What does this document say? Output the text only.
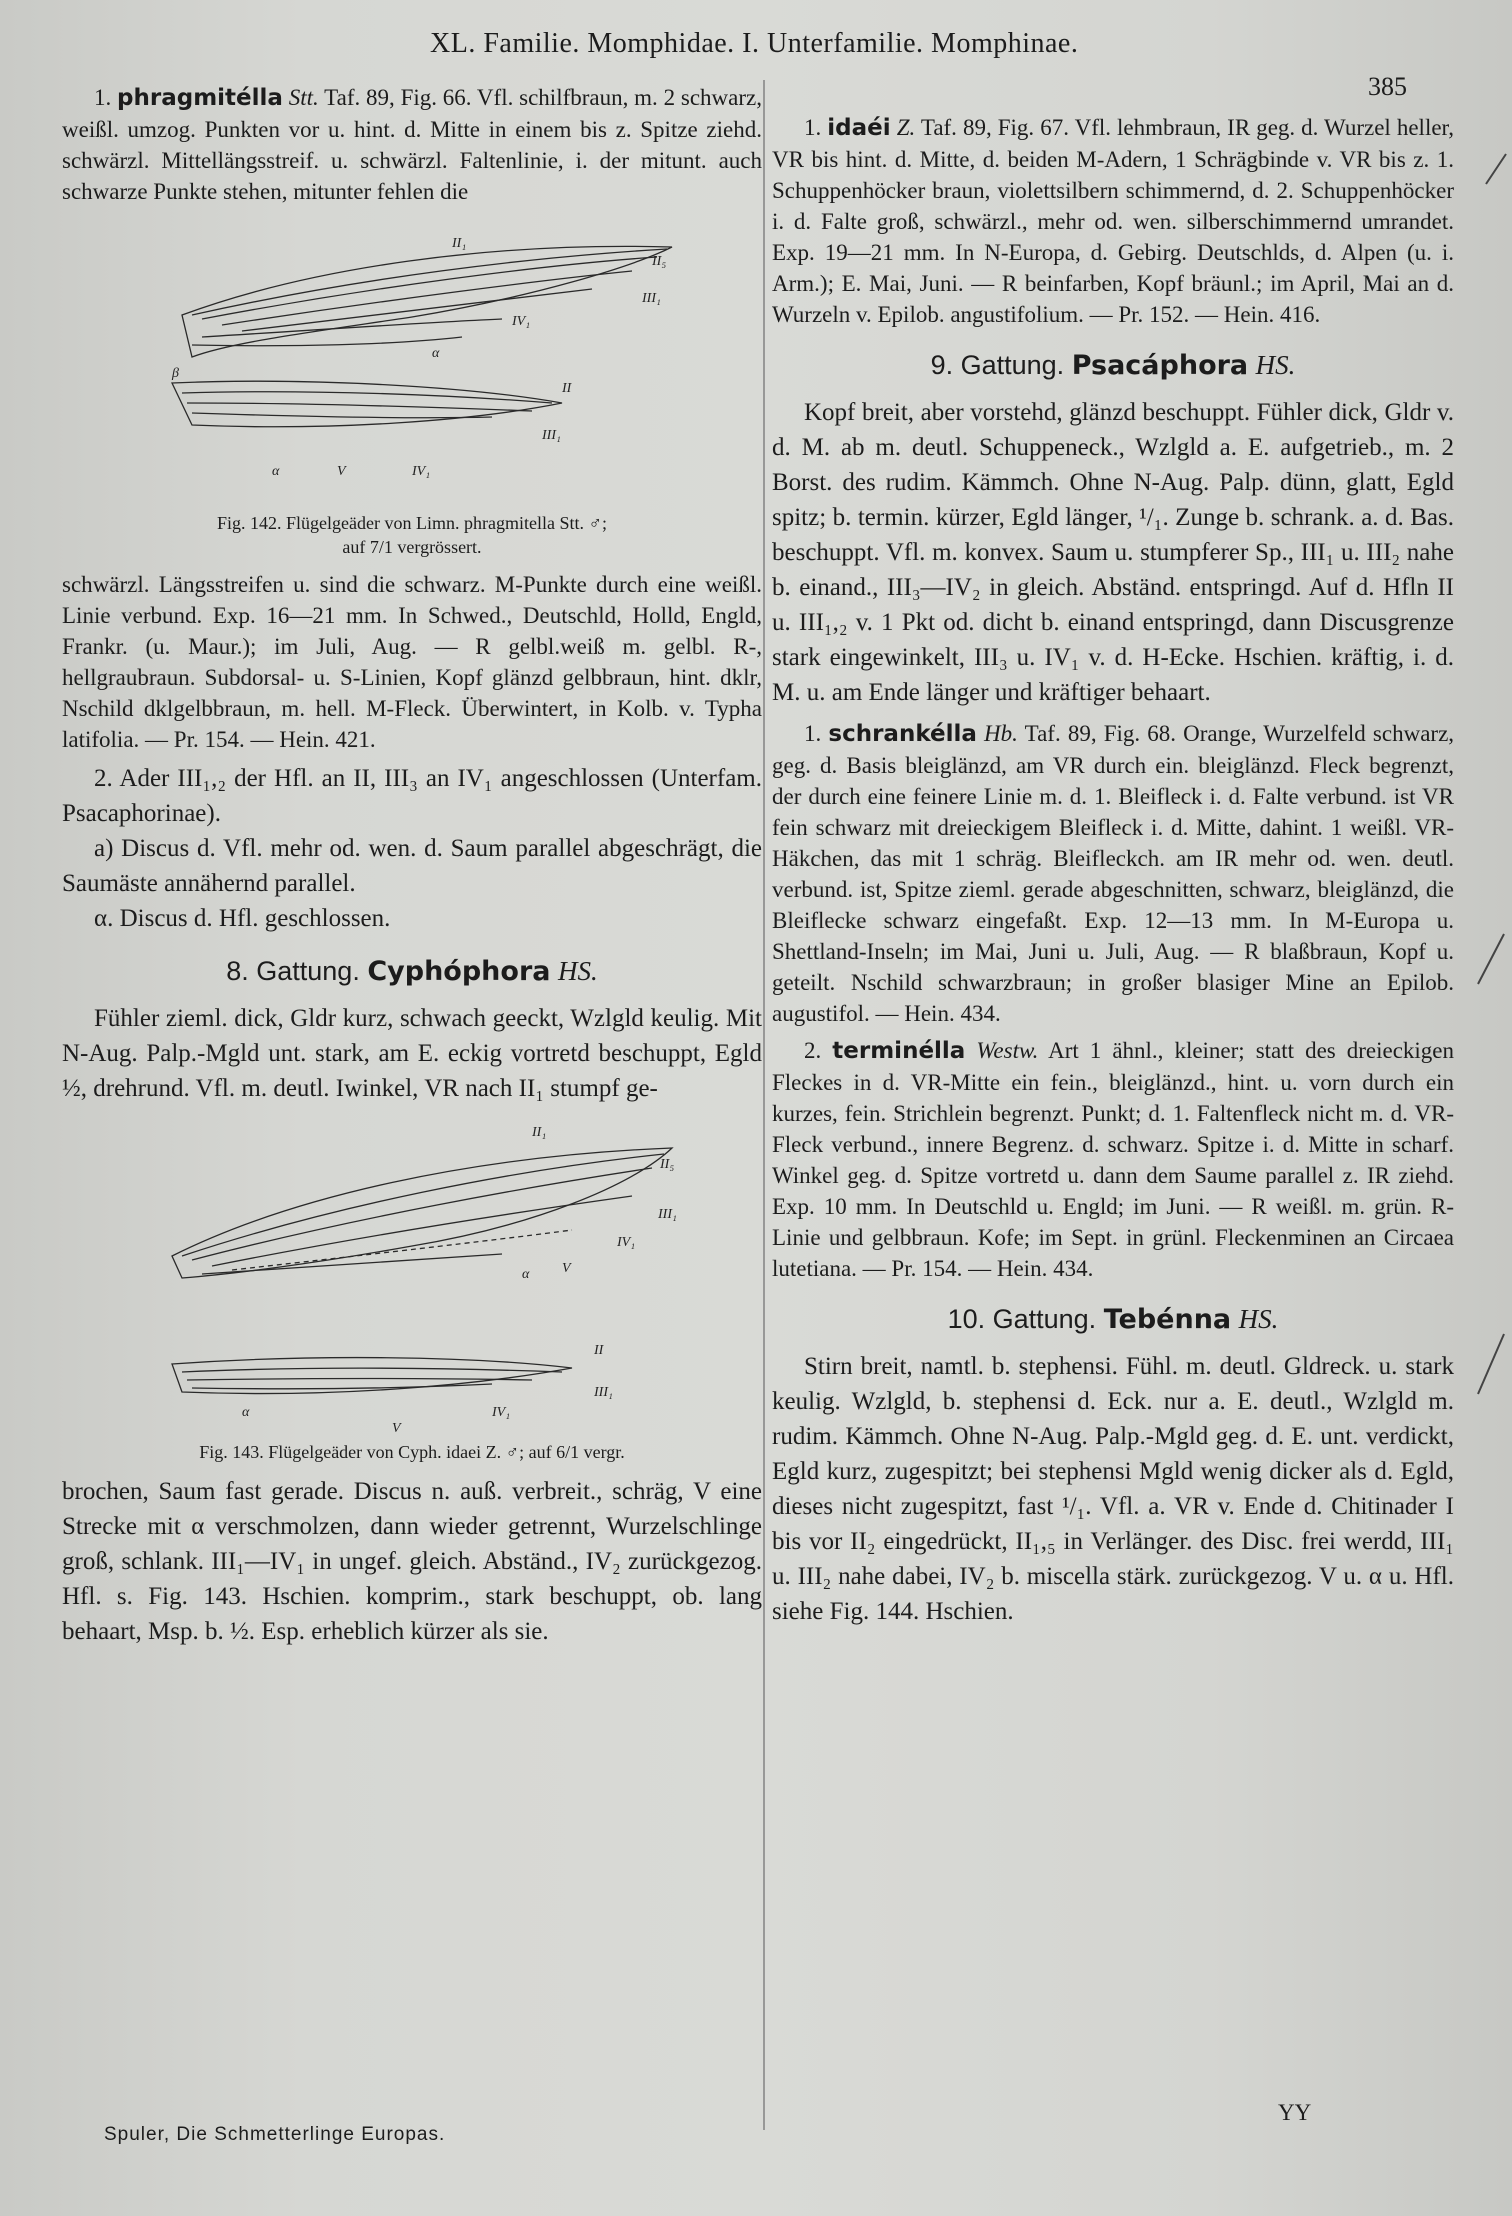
XL. Familie. Momphidae. I. Unterfamilie. Momphinae.
385

1. phragmitélla Stt. Taf. 89, Fig. 66. Vfl. schilfbraun, m. 2 schwarz, weißl. umzog. Punkten vor u. hint. d. Mitte in einem bis z. Spitze ziehd. schwärzl. Mittellängsstreif. u. schwärzl. Faltenlinie, i. der mitunt. auch schwarze Punkte stehen, mitunter fehlen die

II₁
II₅
III₁
IV₁
α
β
II
III₁
α	V	IV₁
Fig. 142. Flügelgeäder von Limn. phragmitella Stt. ♂;
auf 7/1 vergrössert.

schwärzl. Längsstreifen u. sind die schwarz. M-Punkte durch eine weißl. Linie verbund. Exp. 16—21 mm. In Schwed., Deutschld, Holld, Engld, Frankr. (u. Maur.); im Juli, Aug. — R gelbl.weiß m. gelbl. R-, hellgraubraun. Subdorsal- u. S-Linien, Kopf glänzd gelbbraun, hint. dklr, Nschild dklgelbbraun, m. hell. M-Fleck. Überwintert, in Kolb. v. Typha latifolia. — Pr. 154. — Hein. 421.

2. Ader III₁,₂ der Hfl. an II, III₃ an IV₁ angeschlossen (Unterfam. Psacaphorinae).

a) Discus d. Vfl. mehr od. wen. d. Saum parallel abgeschrägt, die Saumäste annähernd parallel.

α. Discus d. Hfl. geschlossen.

8. Gattung. Cyphóphora HS.

Fühler zieml. dick, Gldr kurz, schwach geeckt, Wzlgld keulig. Mit N-Aug. Palp.-Mgld unt. stark, am E. eckig vortretd beschuppt, Egld ½, drehrund. Vfl. m. deutl. Iwinkel, VR nach II₁ stumpf ge-

II₁
II₅
III₁
IV₁
α V
II
III₁
α	IV₁
V
Fig. 143. Flügelgeäder von Cyph. idaei Z. ♂; auf 6/1 vergr.

brochen, Saum fast gerade. Discus n. auß. verbreit., schräg, V eine Strecke mit α verschmolzen, dann wieder getrennt, Wurzelschlinge groß, schlank. III₁—IV₁ in ungef. gleich. Abständ., IV₂ zurückgezog. Hfl. s. Fig. 143. Hschien. komprim., stark beschuppt, ob. lang behaart, Msp. b. ½. Esp. erheblich kürzer als sie.

1. idaéi Z. Taf. 89, Fig. 67. Vfl. lehmbraun, IR geg. d. Wurzel heller, VR bis hint. d. Mitte, d. beiden M-Adern, 1 Schrägbinde v. VR bis z. 1. Schuppenhöcker braun, violettsilbern schimmernd, d. 2. Schuppenhöcker i. d. Falte groß, schwärzl., mehr od. wen. silberschimmernd umrandet. Exp. 19—21 mm. In N-Europa, d. Gebirg. Deutschlds, d. Alpen (u. i. Arm.); E. Mai, Juni. — R beinfarben, Kopf bräunl.; im April, Mai an d. Wurzeln v. Epilob. angustifolium. — Pr. 152. — Hein. 416.

9. Gattung. Psacáphora HS.

Kopf breit, aber vorstehd, glänzd beschuppt. Fühler dick, Gldr v. d. M. ab m. deutl. Schuppeneck., Wzlgld a. E. aufgetrieb., m. 2 Borst. des rudim. Kämmch. Ohne N-Aug. Palp. dünn, glatt, Egld spitz; b. termin. kürzer, Egld länger, ¹/₁. Zunge b. schrank. a. d. Bas. beschuppt. Vfl. m. konvex. Saum u. stumpferer Sp., III₁ u. III₂ nahe b. einand., III₃—IV₂ in gleich. Abständ. entspringd. Auf d. Hfln II u. III₁,₂ v. 1 Pkt od. dicht b. einand entspringd, dann Discusgrenze stark eingewinkelt, III₃ u. IV₁ v. d. H-Ecke. Hschien. kräftig, i. d. M. u. am Ende länger und kräftiger behaart.

1. schrankélla Hb. Taf. 89, Fig. 68. Orange, Wurzelfeld schwarz, geg. d. Basis bleiglänzd, am VR durch ein. bleiglänzd. Fleck begrenzt, der durch eine feinere Linie m. d. 1. Bleifleck i. d. Falte verbund. ist VR fein schwarz mit dreieckigem Bleifleck i. d. Mitte, dahint. 1 weißl. VR-Häkchen, das mit 1 schräg. Bleifleckch. am IR mehr od. wen. deutl. verbund. ist, Spitze zieml. gerade abgeschnitten, schwarz, bleiglänzd, die Bleiflecke schwarz eingefaßt. Exp. 12—13 mm. In M-Europa u. Shettland-Inseln; im Mai, Juni u. Juli, Aug. — R blaßbraun, Kopf u. geteilt. Nschild schwarzbraun; in großer blasiger Mine an Epilob. augustifol. — Hein. 434.

2. terminélla Westw. Art 1 ähnl., kleiner; statt des dreieckigen Fleckes in d. VR-Mitte ein fein., bleiglänzd., hint. u. vorn durch ein kurzes, fein. Strichlein begrenzt. Punkt; d. 1. Faltenfleck nicht m. d. VR-Fleck verbund., innere Begrenz. d. schwarz. Spitze i. d. Mitte in scharf. Winkel geg. d. Spitze vortretd u. dann dem Saume parallel z. IR ziehd. Exp. 10 mm. In Deutschld u. Engld; im Juni. — R weißl. m. grün. R-Linie und gelbbraun. Kofe; im Sept. in grünl. Fleckenminen an Circaea lutetiana. — Pr. 154. — Hein. 434.

10. Gattung. Tebénna HS.

Stirn breit, namtl. b. stephensi. Fühl. m. deutl. Gldreck. u. stark keulig. Wzlgld, b. stephensi d. Eck. nur a. E. deutl., Wzlgld m. rudim. Kämmch. Ohne N-Aug. Palp.-Mgld geg. d. E. unt. verdickt, Egld kurz, zugespitzt; bei stephensi Mgld wenig dicker als d. Egld, dieses nicht zugespitzt, fast ¹/₁. Vfl. a. VR v. Ende d. Chitinader I bis vor II₂ eingedrückt, II₁,₅ in Verlänger. des Disc. frei werdd, III₁ u. III₂ nahe dabei, IV₂ b. miscella stärk. zurückgezog. V u. α u. Hfl. siehe Fig. 144. Hschien.

Spuler, Die Schmetterlinge Europas.
YY
